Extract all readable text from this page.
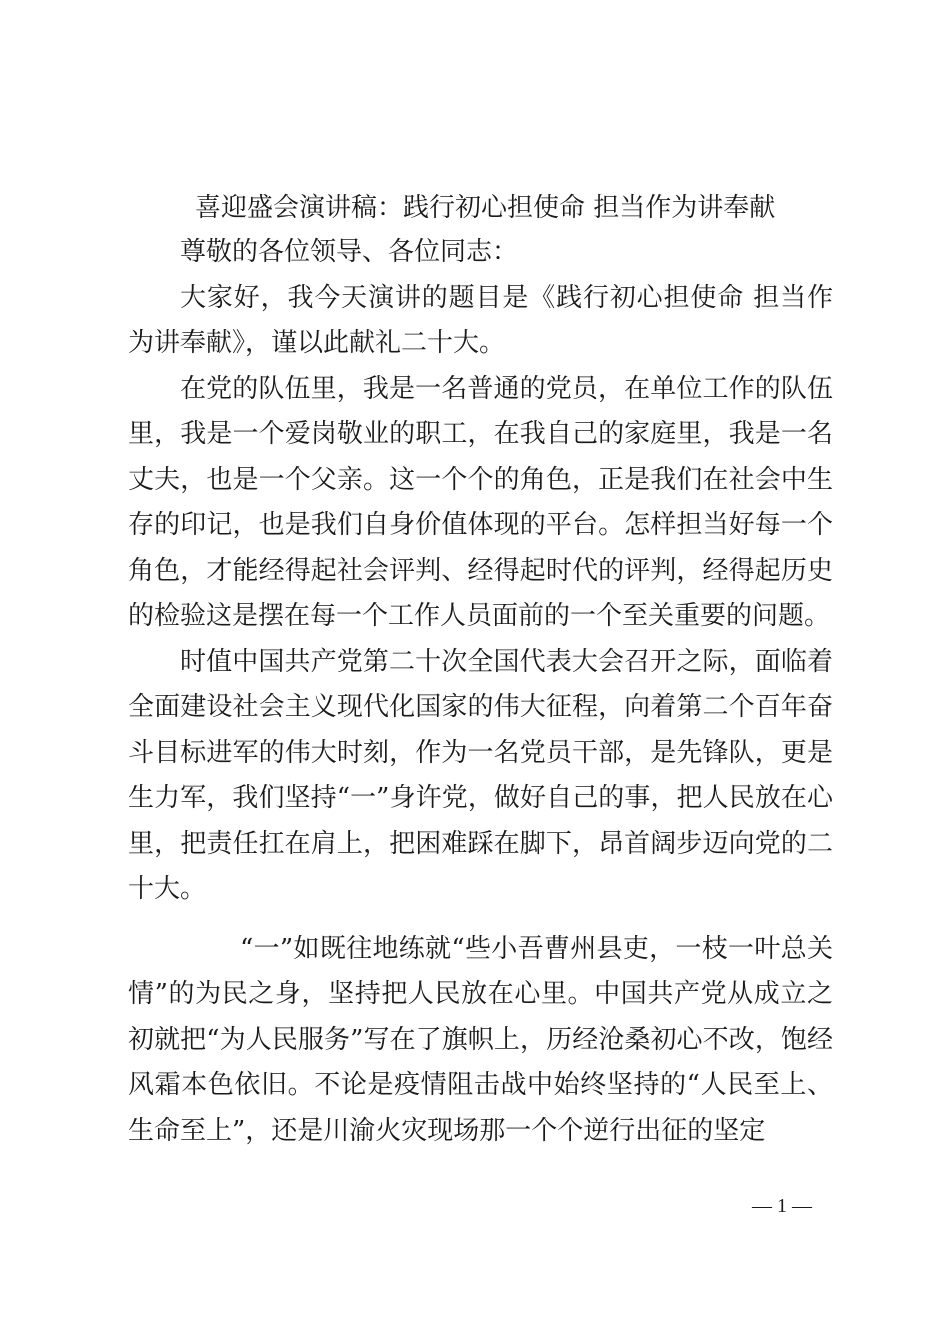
喜迎盛会演讲稿：践行初心担使命 担当作为讲奉献

尊敬的各位领导、各位同志：

大家好，我今天演讲的题目是《践行初心担使命 担当作为讲奉献》，谨以此献礼二十大。

在党的队伍里，我是一名普通的党员，在单位工作的队伍里，我是一个爱岗敬业的职工，在我自己的家庭里，我是一名丈夫，也是一个父亲。这一个个的角色，正是我们在社会中生存的印记，也是我们自身价值体现的平台。怎样担当好每一个角色，才能经得起社会评判、经得起时代的评判，经得起历史的检验这是摆在每一个工作人员面前的一个至关重要的问题。

时值中国共产党第二十次全国代表大会召开之际，面临着全面建设社会主义现代化国家的伟大征程，向着第二个百年奋斗目标进军的伟大时刻，作为一名党员干部，是先锋队，更是生力军，我们坚持“一”身许党，做好自己的事，把人民放在心里，把责任扛在肩上，把困难踩在脚下，昂首阔步迈向党的二十大。

“一”如既往地练就“些小吾曹州县吏，一枝一叶总关情”的为民之身，坚持把人民放在心里。中国共产党从成立之初就把“为人民服务”写在了旗帜上，历经沧桑初心不改，饱经风霜本色依旧。不论是疫情阻击战中始终坚持的“人民至上、生命至上”，还是川渝火灾现场那一个个逆行出征的坚定

— 1 —
